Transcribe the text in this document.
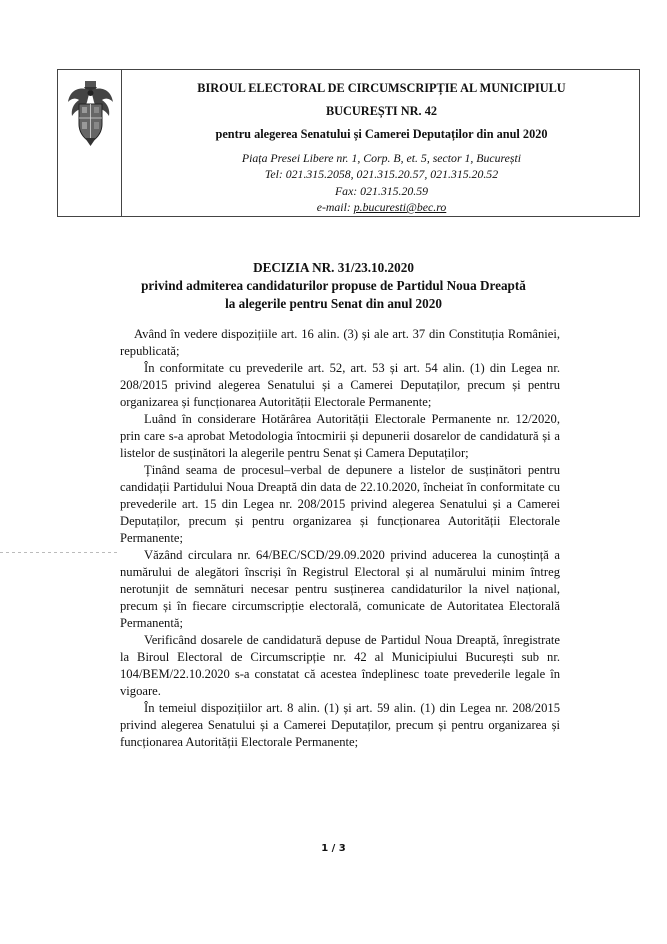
BIROUL ELECTORAL DE CIRCUMSCRIPȚIE AL MUNICIPIULU
BUCUREȘTI NR. 42
pentru alegerea Senatului și Camerei Deputaților din anul 2020
Piața Presei Libere nr. 1, Corp. B, et. 5, sector 1, București
Tel: 021.315.2058, 021.315.20.57, 021.315.20.52
Fax: 021.315.20.59
e-mail: p.bucuresti@bec.ro
DECIZIA NR. 31/23.10.2020
privind admiterea candidaturilor propuse de Partidul Noua Dreaptă
la alegerile pentru Senat din anul 2020

Având în vedere dispozițiile art. 16 alin. (3) și ale art. 37 din Constituția României, republicată;

În conformitate cu prevederile art. 52, art. 53 și art. 54 alin. (1) din Legea nr. 208/2015 privind alegerea Senatului și a Camerei Deputaților, precum și pentru organizarea și funcționarea Autorității Electorale Permanente;

Luând în considerare Hotărârea Autorității Electorale Permanente nr. 12/2020, prin care s-a aprobat Metodologia întocmirii și depunerii dosarelor de candidatură și a listelor de susținători la alegerile pentru Senat și Camera Deputaților;

Ținând seama de procesul–verbal de depunere a listelor de susținători pentru candidații Partidului Noua Dreaptă din data de 22.10.2020, încheiat în conformitate cu prevederile art. 15 din Legea nr. 208/2015 privind alegerea Senatului și a Camerei Deputaților, precum și pentru organizarea și funcționarea Autorității Electorale Permanente;

Văzând circulara nr. 64/BEC/SCD/29.09.2020 privind aducerea la cunoștință a numărului de alegători înscriși în Registrul Electoral și al numărului minim întreg nerotunjit de semnături necesar pentru susținerea candidaturilor la nivel național, precum și în fiecare circumscripție electorală, comunicate de Autoritatea Electorală Permanentă;

Verificând dosarele de candidatură depuse de Partidul Noua Dreaptă, înregistrate la Biroul Electoral de Circumscripție nr. 42 al Municipiului București sub nr. 104/BEM/22.10.2020 s-a constatat că acestea îndeplinesc toate prevederile legale în vigoare.

În temeiul dispozițiilor art. 8 alin. (1) și art. 59 alin. (1) din Legea nr. 208/2015 privind alegerea Senatului și a Camerei Deputaților, precum și pentru organizarea și funcționarea Autorității Electorale Permanente;

1 / 3
